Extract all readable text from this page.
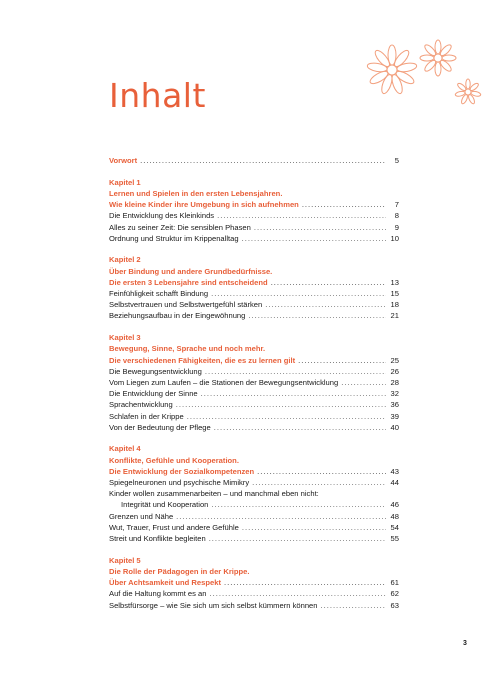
Inhalt
Vorwort .....	5
Kapitel 1
Lernen und Spielen in den ersten Lebensjahren.
Wie kleine Kinder ihre Umgebung in sich aufnehmen .....	7
Die Entwicklung des Kleinkinds .....	8
Alles zu seiner Zeit: Die sensiblen Phasen .....	9
Ordnung und Struktur im Krippenalltag .....	10
Kapitel 2
Über Bindung und andere Grundbedürfnisse.
Die ersten 3 Lebensjahre sind entscheidend .....	13
Feinfühligkeit schafft Bindung .....	15
Selbstvertrauen und Selbstwertgefühl stärken .....	18
Beziehungsaufbau in der Eingewöhnung .....	21
Kapitel 3
Bewegung, Sinne, Sprache und noch mehr.
Die verschiedenen Fähigkeiten, die es zu lernen gilt .....	25
Die Bewegungsentwicklung .....	26
Vom Liegen zum Laufen – die Stationen der Bewegungsentwicklung .....	28
Die Entwicklung der Sinne .....	32
Sprachentwicklung .....	36
Schlafen in der Krippe .....	39
Von der Bedeutung der Pflege .....	40
Kapitel 4
Konflikte, Gefühle und Kooperation.
Die Entwicklung der Sozialkompetenzen .....	43
Spiegelneuronen und psychische Mimikry .....	44
Kinder wollen zusammenarbeiten – und manchmal eben nicht:
Integrität und Kooperation .....	46
Grenzen und Nähe .....	48
Wut, Trauer, Frust und andere Gefühle .....	54
Streit und Konflikte begleiten .....	55
Kapitel 5
Die Rolle der Pädagogen in der Krippe.
Über Achtsamkeit und Respekt .....	61
Auf die Haltung kommt es an .....	62
Selbstfürsorge – wie Sie sich um sich selbst kümmern können .....	63
3
